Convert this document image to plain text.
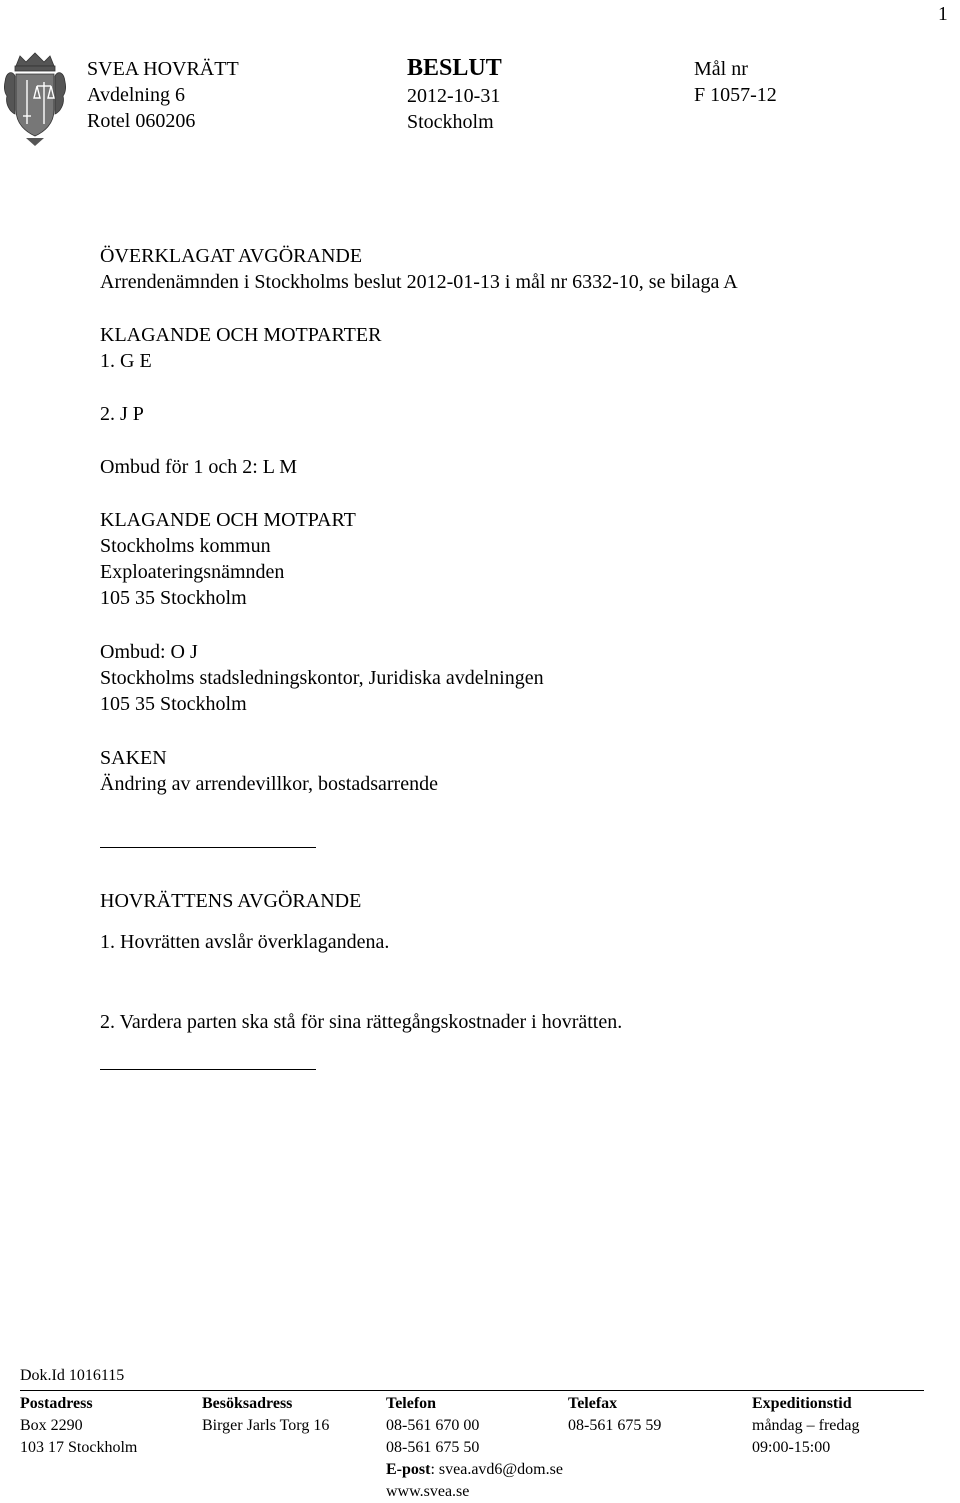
1
SVEA HOVRÄTT
Avdelning 6
Rotel 060206
BESLUT
2012-10-31
Stockholm
Mål nr
F 1057-12
ÖVERKLAGAT AVGÖRANDE
Arrendenämnden i Stockholms beslut 2012-01-13 i mål nr 6332-10, se bilaga A
KLAGANDE OCH MOTPARTER
1. G E
2. J P
Ombud för 1 och 2: L M
KLAGANDE OCH MOTPART
Stockholms kommun
Exploateringsnämnden
105 35 Stockholm
Ombud: O J
Stockholms stadsledningskontor, Juridiska avdelningen
105 35 Stockholm
SAKEN
Ändring av arrendevillkor, bostadsarrende
HOVRÄTTENS AVGÖRANDE
1. Hovrätten avslår överklagandena.
2. Vardera parten ska stå för sina rättegångskostnader i hovrätten.
Dok.Id 1016115
Postadress
Box 2290
103 17 Stockholm
Besöksadress
Birger Jarls Torg 16
Telefon
08-561 670 00
08-561 675 50
E-post: svea.avd6@dom.se
www.svea.se
Telefax
08-561 675 59
Expeditionstid
måndag – fredag
09:00-15:00
